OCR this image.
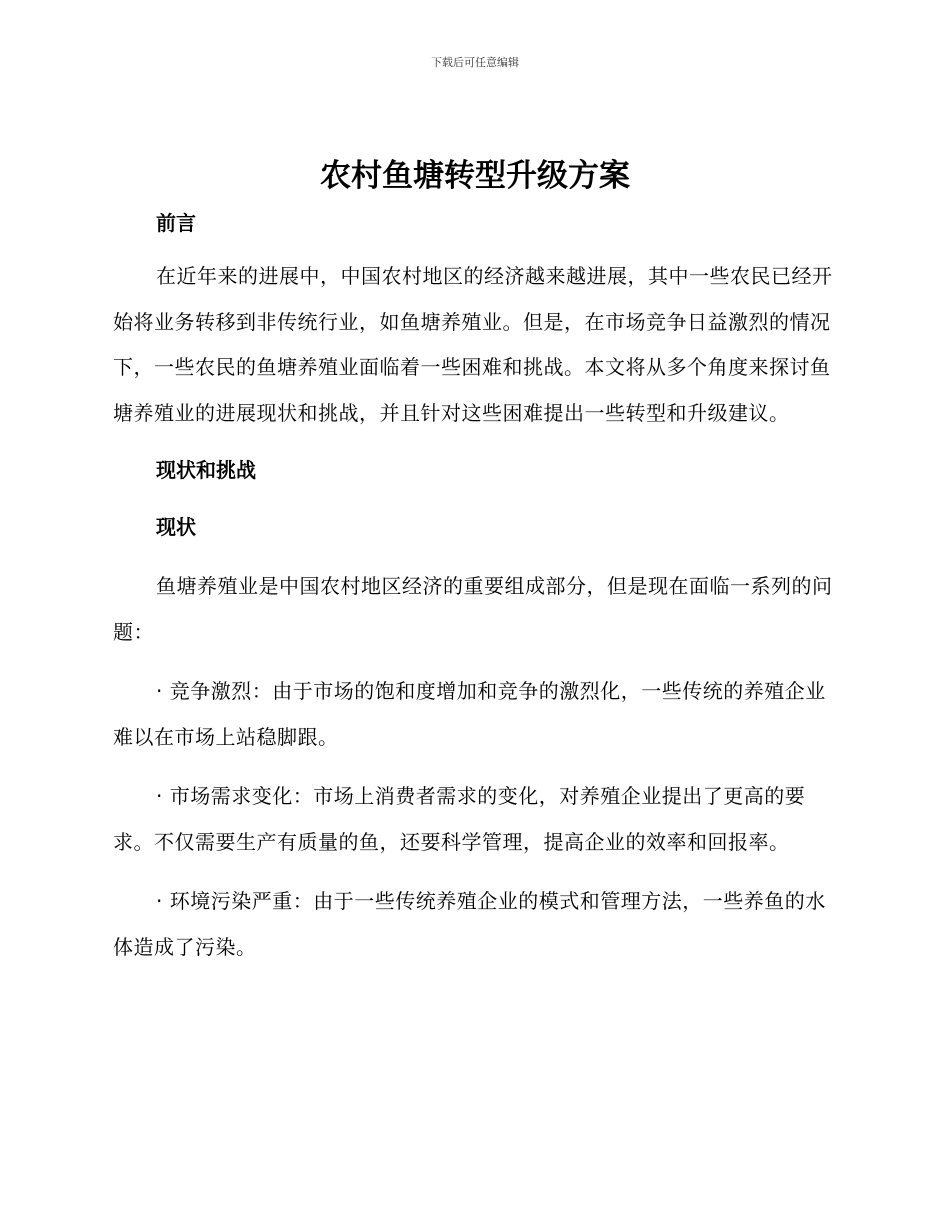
下载后可任意编辑
农村鱼塘转型升级方案

前言

在近年来的进展中，中国农村地区的经济越来越进展，其中一些农民已经开始将业务转移到非传统行业，如鱼塘养殖业。但是，在市场竞争日益激烈的情况下，一些农民的鱼塘养殖业面临着一些困难和挑战。本文将从多个角度来探讨鱼塘养殖业的进展现状和挑战，并且针对这些困难提出一些转型和升级建议。

现状和挑战

现状

鱼塘养殖业是中国农村地区经济的重要组成部分，但是现在面临一系列的问题：

· 竞争激烈：由于市场的饱和度增加和竞争的激烈化，一些传统的养殖企业难以在市场上站稳脚跟。

· 市场需求变化：市场上消费者需求的变化，对养殖企业提出了更高的要求。不仅需要生产有质量的鱼，还要科学管理，提高企业的效率和回报率。

· 环境污染严重：由于一些传统养殖企业的模式和管理方法，一些养鱼的水体造成了污染。
